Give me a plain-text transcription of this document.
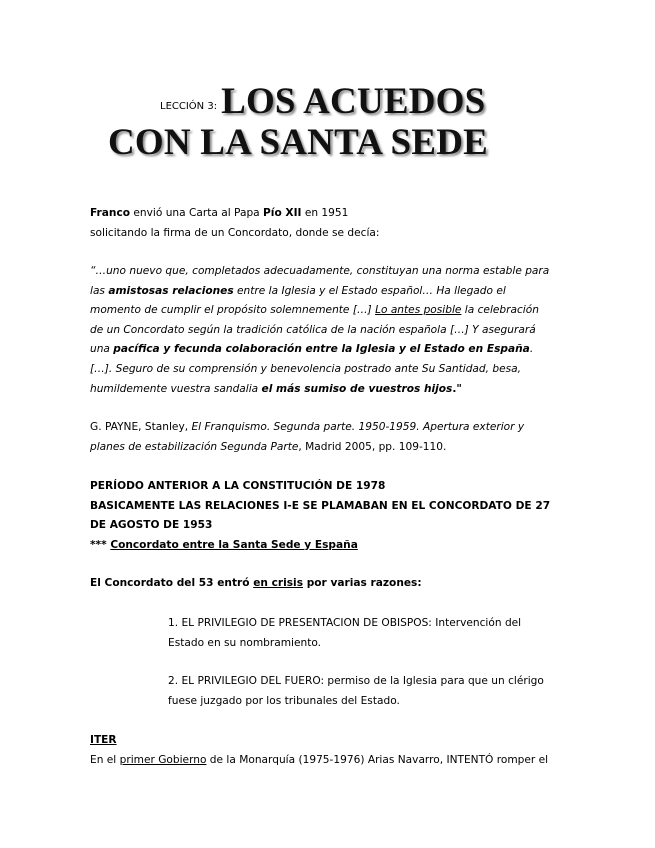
$^{LECCIÓN 3:}$ LOS ACUEDOS
CON LA SANTA SEDE

Franco envió una Carta al Papa Pío XII en 1951

solicitando la firma de un Concordato, donde se decía:

“…uno nuevo que, completados adecuadamente, constituyan una norma estable para

las amistosas relaciones entre la Iglesia y el Estado español… Ha llegado el

momento de cumplir el propósito solemnemente […] Lo antes posible la celebración

de un Concordato según la tradición católica de la nación española […] Y asegurará

una pacífica y fecunda colaboración entre la Iglesia y el Estado en España.

[…]. Seguro de su comprensión y benevolencia postrado ante Su Santidad, besa,

humildemente vuestra sandalia el más sumiso de vuestros hijos."

G. PAYNE, Stanley, El Franquismo. Segunda parte. 1950-1959. Apertura exterior y

planes de estabilización Segunda Parte, Madrid 2005, pp. 109-110.

PERÍODO ANTERIOR A LA CONSTITUCIÓN DE 1978

BASICAMENTE LAS RELACIONES I-E SE PLAMABAN EN EL CONCORDATO DE 27

DE AGOSTO DE 1953

*** Concordato entre la Santa Sede y España

El Concordato del 53 entró en crisis por varias razones:

1. EL PRIVILEGIO DE PRESENTACION DE OBISPOS: Intervención del

Estado en su nombramiento.

2. EL PRIVILEGIO DEL FUERO: permiso de la Iglesia para que un clérigo

fuese juzgado por los tribunales del Estado.

ITER

En el primer Gobierno de la Monarquía (1975-1976) Arias Navarro, INTENTÓ romper el
